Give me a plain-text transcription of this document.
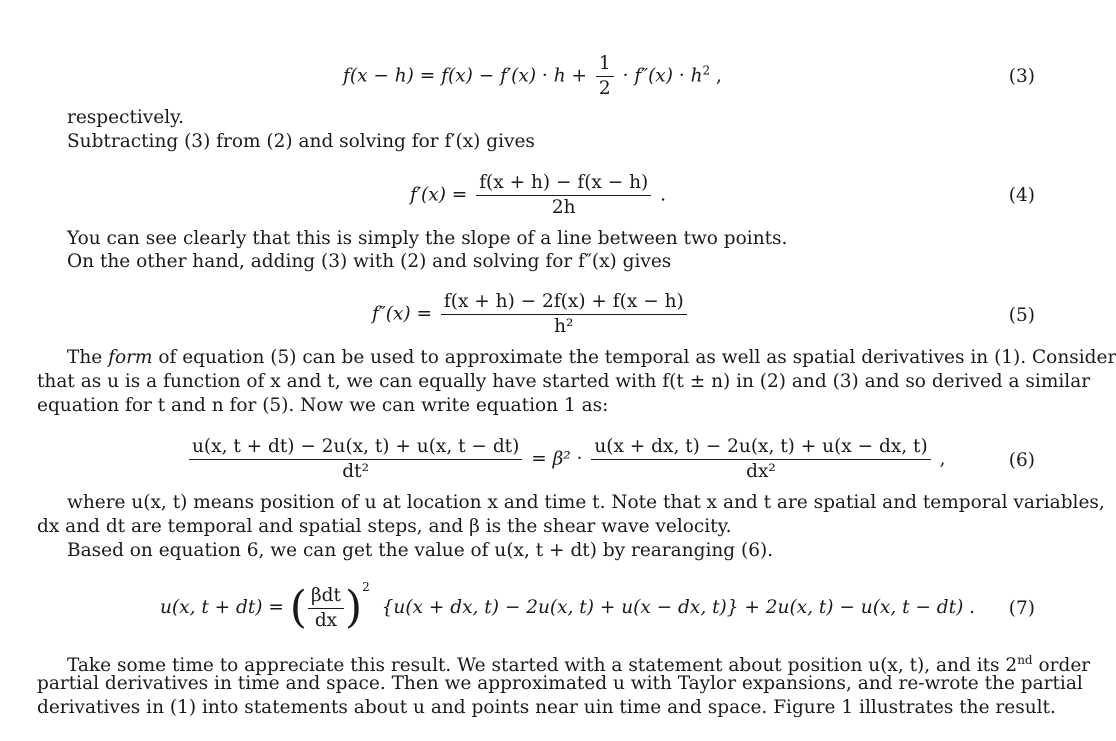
$f(x - h) = f(x) - f'(x) \cdot h + \frac{1}{2} \cdot f''(x) \cdot h^2$ ,	(3)
respectively.
Subtracting (3) from (2) and solving for f′(x) gives
$f'(x) = \frac{f(x + h) - f(x - h)}{2h}$ .	(4)
You can see clearly that this is simply the slope of a line between two points.
On the other hand, adding (3) with (2) and solving for f″(x) gives
$f''(x) = \frac{f(x + h) - 2f(x) + f(x - h)}{\text{h²}}$	(5)
The form of equation (5) can be used to approximate the temporal as well as spatial derivatives in (1). Consider
that as u is a function of x and t, we can equally have started with f(t ± n) in (2) and (3) and so derived a similar
equation for t and n for (5). Now we can write equation 1 as:
$\frac{u(x, t + dt) - 2u(x, t) + u(x, t - dt)}{\text{dt²}} = \beta^2 \cdot \frac{u(x + dx, t) - 2u(x, t) + u(x - dx, t)}{\text{dx²}}$ ,	(6)
where u(x, t) means position of u at location x and time t. Note that x and t are spatial and temporal variables,
dx and dt are temporal and spatial steps, and β is the shear wave velocity.
Based on equation 6, we can get the value of u(x, t + dt) by rearanging (6).
u(x, t + dt) = ( $\frac{\text{βdt}}{dx} )^2$ {u(x + dx, t) − 2u(x, t) + u(x − dx, t)} + 2u(x, t) − u(x, t − dt) . (7)
Take some time to appreciate this result. We started with a statement about position u(x, t), and its 2nd order
partial derivatives in time and space. Then we approximated u with Taylor expansions, and re-wrote the partial
derivatives in (1) into statements about u and points near uin time and space. Figure 1 illustrates the result.
